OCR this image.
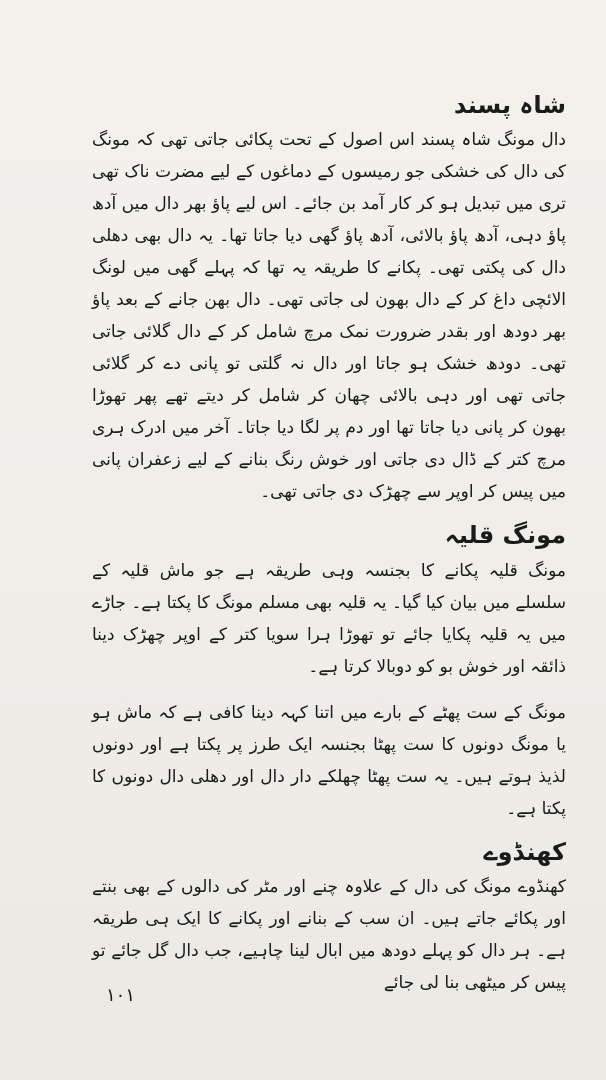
شاہ پسند

دال مونگ شاہ پسند اس اصول کے تحت پکائی جاتی تھی کہ مونگ کی دال کی خشکی جو رمیسوں کے دماغوں کے لیے مضرت ناک تھی تری میں تبدیل ہو کر کار آمد بن جائے۔ اس لیے پاؤ بھر دال میں آدھ پاؤ دہی، آدھ پاؤ بالائی، آدھ پاؤ گھی دیا جاتا تھا۔ یہ دال بھی دھلی دال کی پکتی تھی۔ پکانے کا طریقہ یہ تھا کہ پہلے گھی میں لونگ الائچی داغ کر کے دال بھون لی جاتی تھی۔ دال بھن جانے کے بعد پاؤ بھر دودھ اور بقدر ضرورت نمک مرچ شامل کر کے دال گلائی جاتی تھی۔ دودھ خشک ہو جاتا اور دال نہ گلتی تو پانی دے کر گلائی جاتی تھی اور دہی بالائی چھان کر شامل کر دیتے تھے پھر تھوڑا بھون کر پانی دیا جاتا تھا اور دم پر لگا دیا جاتا۔ آخر میں ادرک ہری مرچ کتر کے ڈال دی جاتی اور خوش رنگ بنانے کے لیے زعفران پانی میں پیس کر اوپر سے چھڑک دی جاتی تھی۔

مونگ قلیہ

مونگ قلیہ پکانے کا بجنسہ وہی طریقہ ہے جو ماش قلیہ کے سلسلے میں بیان کیا گیا۔ یہ قلیہ بھی مسلم مونگ کا پکتا ہے۔ جاڑے میں یہ قلیہ پکایا جائے تو تھوڑا ہرا سویا کتر کے اوپر چھڑک دینا ذائقہ اور خوش بو کو دوبالا کرتا ہے۔

مونگ کے ست پھٹے کے بارے میں اتنا کہہ دینا کافی ہے کہ ماش ہو یا مونگ دونوں کا ست پھٹا بجنسہ ایک طرز پر پکتا ہے اور دونوں لذیذ ہوتے ہیں۔ یہ ست پھٹا چھلکے دار دال اور دھلی دال دونوں کا پکتا ہے۔

کھنڈوے

کھنڈوے مونگ کی دال کے علاوہ چنے اور مٹر کی دالوں کے بھی بنتے اور پکائے جاتے ہیں۔ ان سب کے بنانے اور پکانے کا ایک ہی طریقہ ہے۔ ہر دال کو پہلے دودھ میں ابال لینا چاہیے، جب دال گل جائے تو پیس کر میٹھی بنا لی جائے

۱۰۱
